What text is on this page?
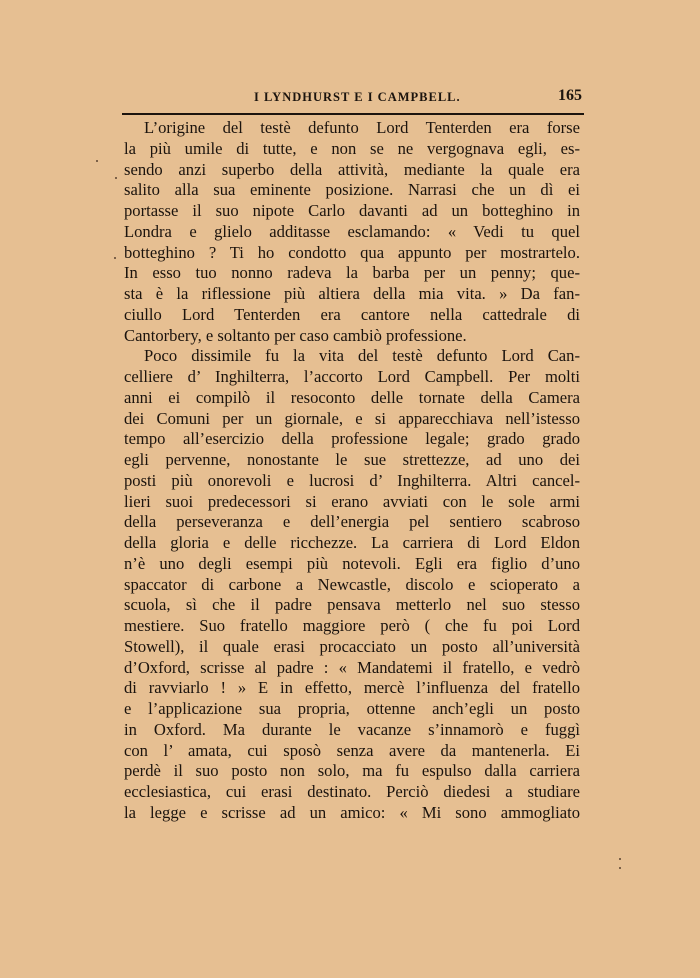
I LYNDHURST E I CAMPBELL.	165
L’origine del testè defunto Lord Tenterden era forse
la più umile di tutte, e non se ne vergognava egli, es-
sendo anzi superbo della attività, mediante la quale era
salito alla sua eminente posizione. Narrasi che un dì ei
portasse il suo nipote Carlo davanti ad un botteghino in
Londra e glielo additasse esclamando: « Vedi tu quel
botteghino ? Ti ho condotto qua appunto per mostrartelo.
In esso tuo nonno radeva la barba per un penny; que-
sta è la riflessione più altiera della mia vita. » Da fan-
ciullo Lord Tenterden era cantore nella cattedrale di
Cantorbery, e soltanto per caso cambiò professione.
Poco dissimile fu la vita del testè defunto Lord Can-
celliere d’ Inghilterra, l’accorto Lord Campbell. Per molti
anni ei compilò il resoconto delle tornate della Camera
dei Comuni per un giornale, e si apparecchiava nell’istesso
tempo all’esercizio della professione legale; grado grado
egli pervenne, nonostante le sue strettezze, ad uno dei
posti più onorevoli e lucrosi d’ Inghilterra. Altri cancel-
lieri suoi predecessori si erano avviati con le sole armi
della perseveranza e dell’energia pel sentiero scabroso
della gloria e delle ricchezze. La carriera di Lord Eldon
n’è uno degli esempi più notevoli. Egli era figlio d’uno
spaccator di carbone a Newcastle, discolo e scioperato a
scuola, sì che il padre pensava metterlo nel suo stesso
mestiere. Suo fratello maggiore però ( che fu poi Lord
Stowell), il quale erasi procacciato un posto all’università
d’Oxford, scrisse al padre : « Mandatemi il fratello, e vedrò
di ravviarlo ! » E in effetto, mercè l’influenza del fratello
e l’applicazione sua propria, ottenne anch’egli un posto
in Oxford. Ma durante le vacanze s’innamorò e fuggì
con l’ amata, cui sposò senza avere da mantenerla. Ei
perdè il suo posto non solo, ma fu espulso dalla carriera
ecclesiastica, cui erasi destinato. Perciò diedesi a studiare
la legge e scrisse ad un amico: « Mi sono ammogliato
